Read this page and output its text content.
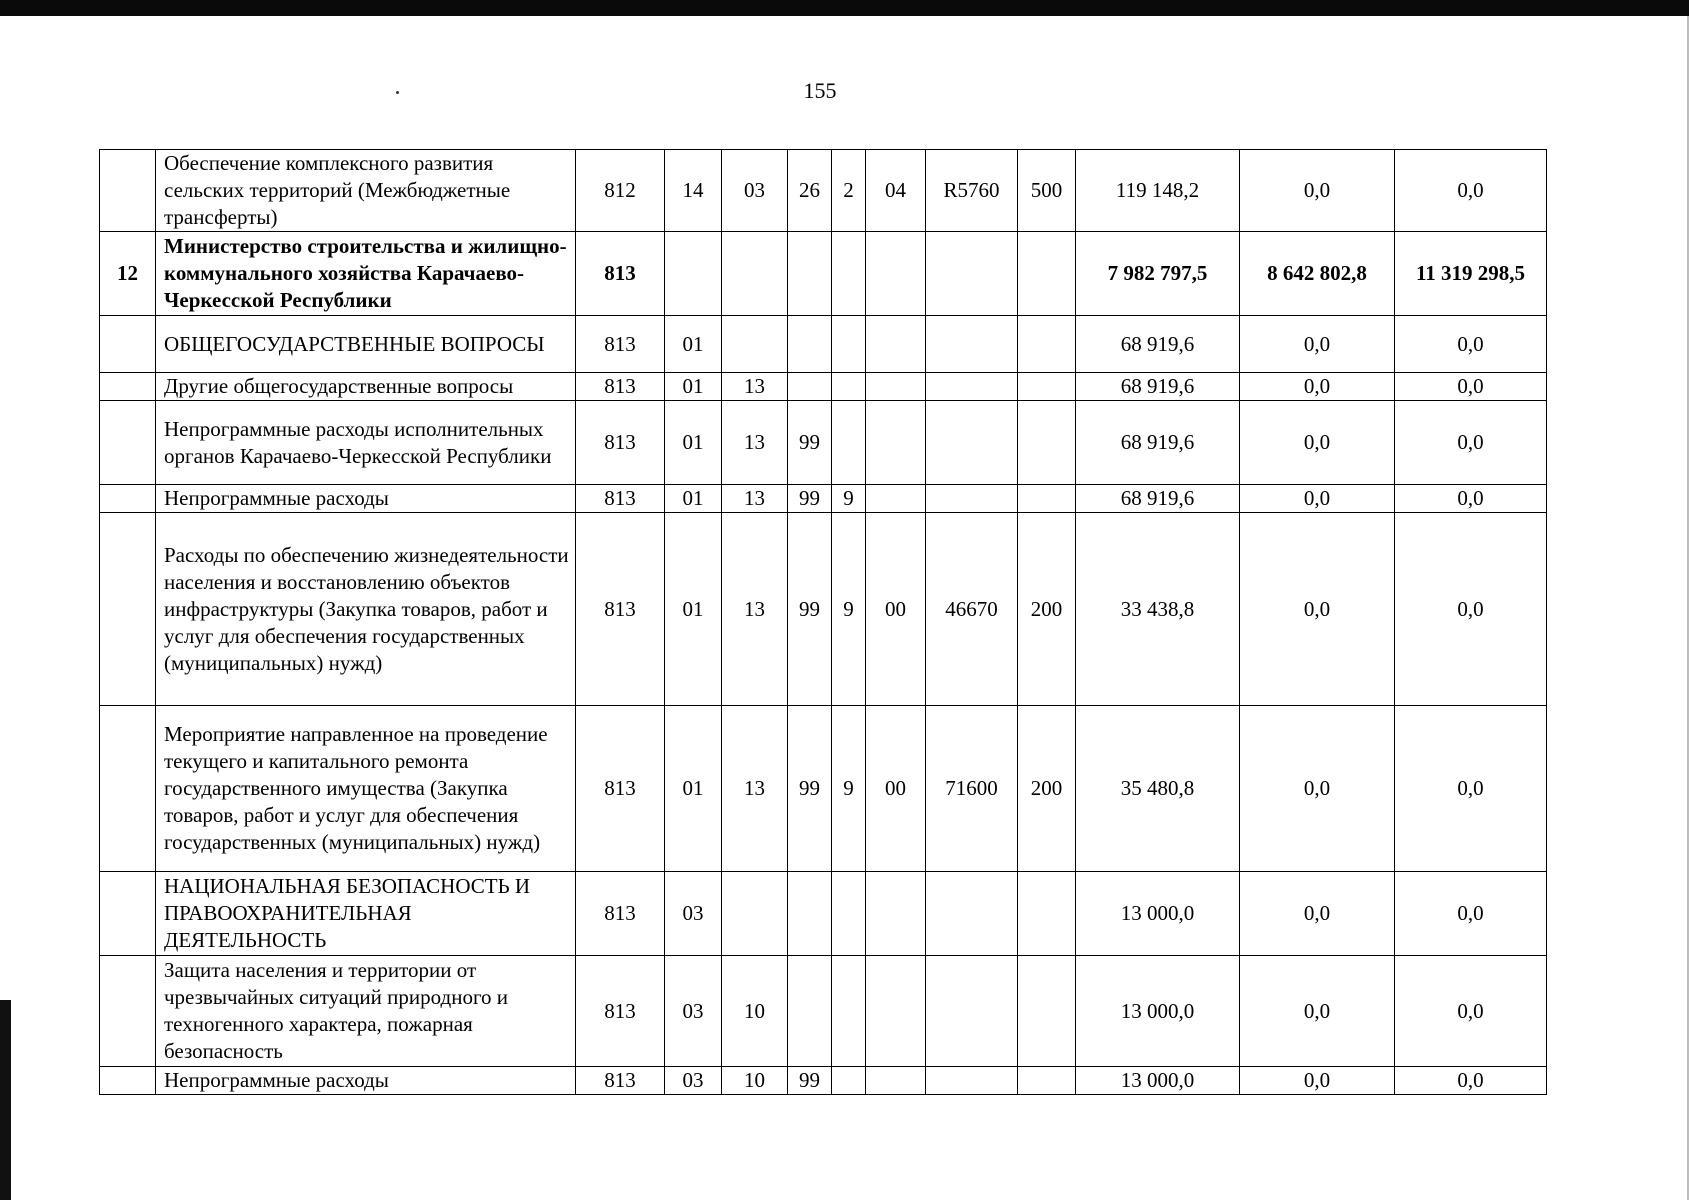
155
	Обеспечение комплексного развития сельских территорий (Межбюджетные трансферты)	812	14	03	26	2	04	R5760	500	119 148,2	0,0	0,0
12	Министерство строительства и жилищно-коммунального хозяйства Карачаево-Черкесской Республики	813								7 982 797,5	8 642 802,8	11 319 298,5
	ОБЩЕГОСУДАРСТВЕННЫЕ ВОПРОСЫ	813	01							68 919,6	0,0	0,0
	Другие общегосударственные вопросы	813	01	13						68 919,6	0,0	0,0
	Непрограммные расходы исполнительных органов Карачаево-Черкесской Республики	813	01	13	99					68 919,6	0,0	0,0
	Непрограммные расходы	813	01	13	99	9				68 919,6	0,0	0,0
	Расходы по обеспечению жизнедеятельности населения и восстановлению объектов инфраструктуры (Закупка товаров, работ и услуг для обеспечения государственных (муниципальных) нужд)	813	01	13	99	9	00	46670	200	33 438,8	0,0	0,0
	Мероприятие направленное на проведение текущего и капитального ремонта государственного имущества (Закупка товаров, работ и услуг для обеспечения государственных (муниципальных) нужд)	813	01	13	99	9	00	71600	200	35 480,8	0,0	0,0
	НАЦИОНАЛЬНАЯ БЕЗОПАСНОСТЬ И ПРАВООХРАНИТЕЛЬНАЯ ДЕЯТЕЛЬНОСТЬ	813	03							13 000,0	0,0	0,0
	Защита населения и территории от чрезвычайных ситуаций природного и техногенного характера, пожарная безопасность	813	03	10						13 000,0	0,0	0,0
	Непрограммные расходы	813	03	10	99					13 000,0	0,0	0,0
